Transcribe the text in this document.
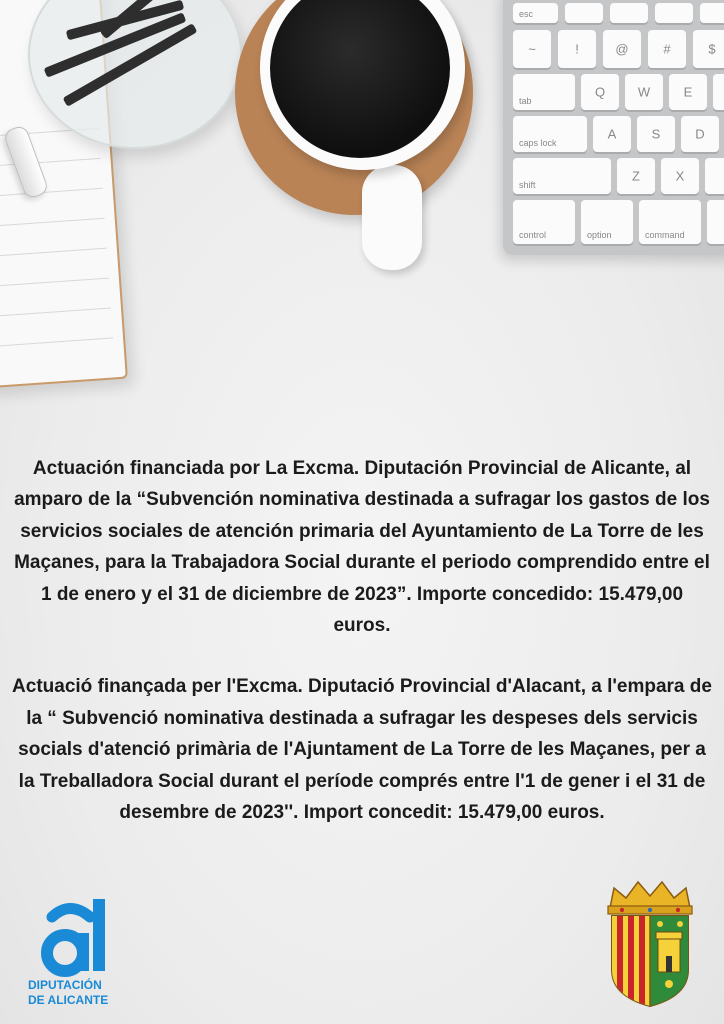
esc
~	!	@	#	$
tab
Q	W	E
caps lock
A	S	D
shift
Z	X
control	option	command

Actuación financiada por La Excma. Diputación Provincial de Alicante, al amparo de la “Subvención nominativa destinada a sufragar los gastos de los servicios sociales de atención primaria del Ayuntamiento de La Torre de les Maçanes, para la Trabajadora Social durante el periodo comprendido entre el 1 de enero y el 31 de diciembre de 2023”. Importe concedido: 15.479,00 euros.

Actuació finançada per l'Excma. Diputació Provincial d'Alacant, a l'empara de la “ Subvenció nominativa destinada a sufragar les despeses dels servicis socials d'atenció primària de l'Ajuntament de La Torre de les Maçanes, per a la Treballadora Social durant el període comprés entre l'1 de gener i el 31 de desembre de 2023''. Import concedit: 15.479,00 euros.

DIPUTACIÓN
DE ALICANTE
